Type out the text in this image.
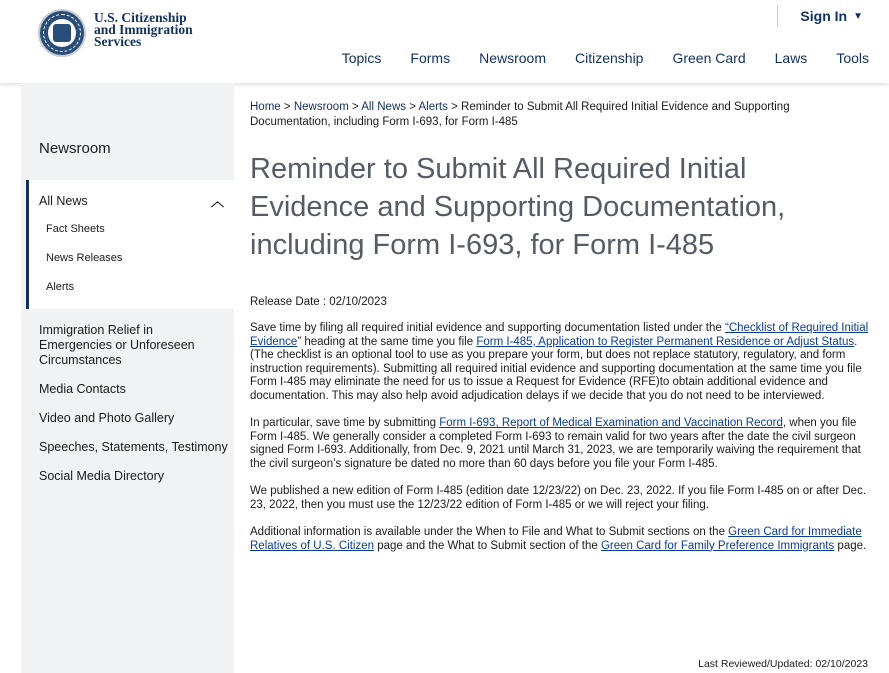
U.S. Citizenship
and Immigration
Services
Sign In ▼
Topics Forms Newsroom Citizenship Green Card Laws Tools
Newsroom
All News	︿
Fact Sheets
News Releases
Alerts
Immigration Relief in Emergencies or Unforeseen Circumstances
Media Contacts
Video and Photo Gallery
Speeches, Statements, Testimony
Social Media Directory
Home > Newsroom > All News > Alerts > Reminder to Submit All Required Initial Evidence and Supporting Documentation, including Form I-693, for Form I-485
Reminder to Submit All Required Initial Evidence and Supporting Documentation, including Form I-693, for Form I-485
Release Date : 02/10/2023

Save time by filing all required initial evidence and supporting documentation listed under the “Checklist of Required Initial Evidence” heading at the same time you file Form I-485, Application to Register Permanent Residence or Adjust Status. (The checklist is an optional tool to use as you prepare your form, but does not replace statutory, regulatory, and form instruction requirements). Submitting all required initial evidence and supporting documentation at the same time you file Form I-485 may eliminate the need for us to issue a Request for Evidence (RFE)to obtain additional evidence and documentation. This may also help avoid adjudication delays if we decide that you do not need to be interviewed.

In particular, save time by submitting Form I-693, Report of Medical Examination and Vaccination Record, when you file Form I-485. We generally consider a completed Form I-693 to remain valid for two years after the date the civil surgeon signed Form I-693. Additionally, from Dec. 9, 2021 until March 31, 2023, we are temporarily waiving the requirement that the civil surgeon’s signature be dated no more than 60 days before you file your Form I-485.

We published a new edition of Form I-485 (edition date 12/23/22) on Dec. 23, 2022. If you file Form I-485 on or after Dec. 23, 2022, then you must use the 12/23/22 edition of Form I-485 or we will reject your filing.

Additional information is available under the When to File and What to Submit sections on the Green Card for Immediate Relatives of U.S. Citizen page and the What to Submit section of the Green Card for Family Preference Immigrants page.

Last Reviewed/Updated: 02/10/2023
